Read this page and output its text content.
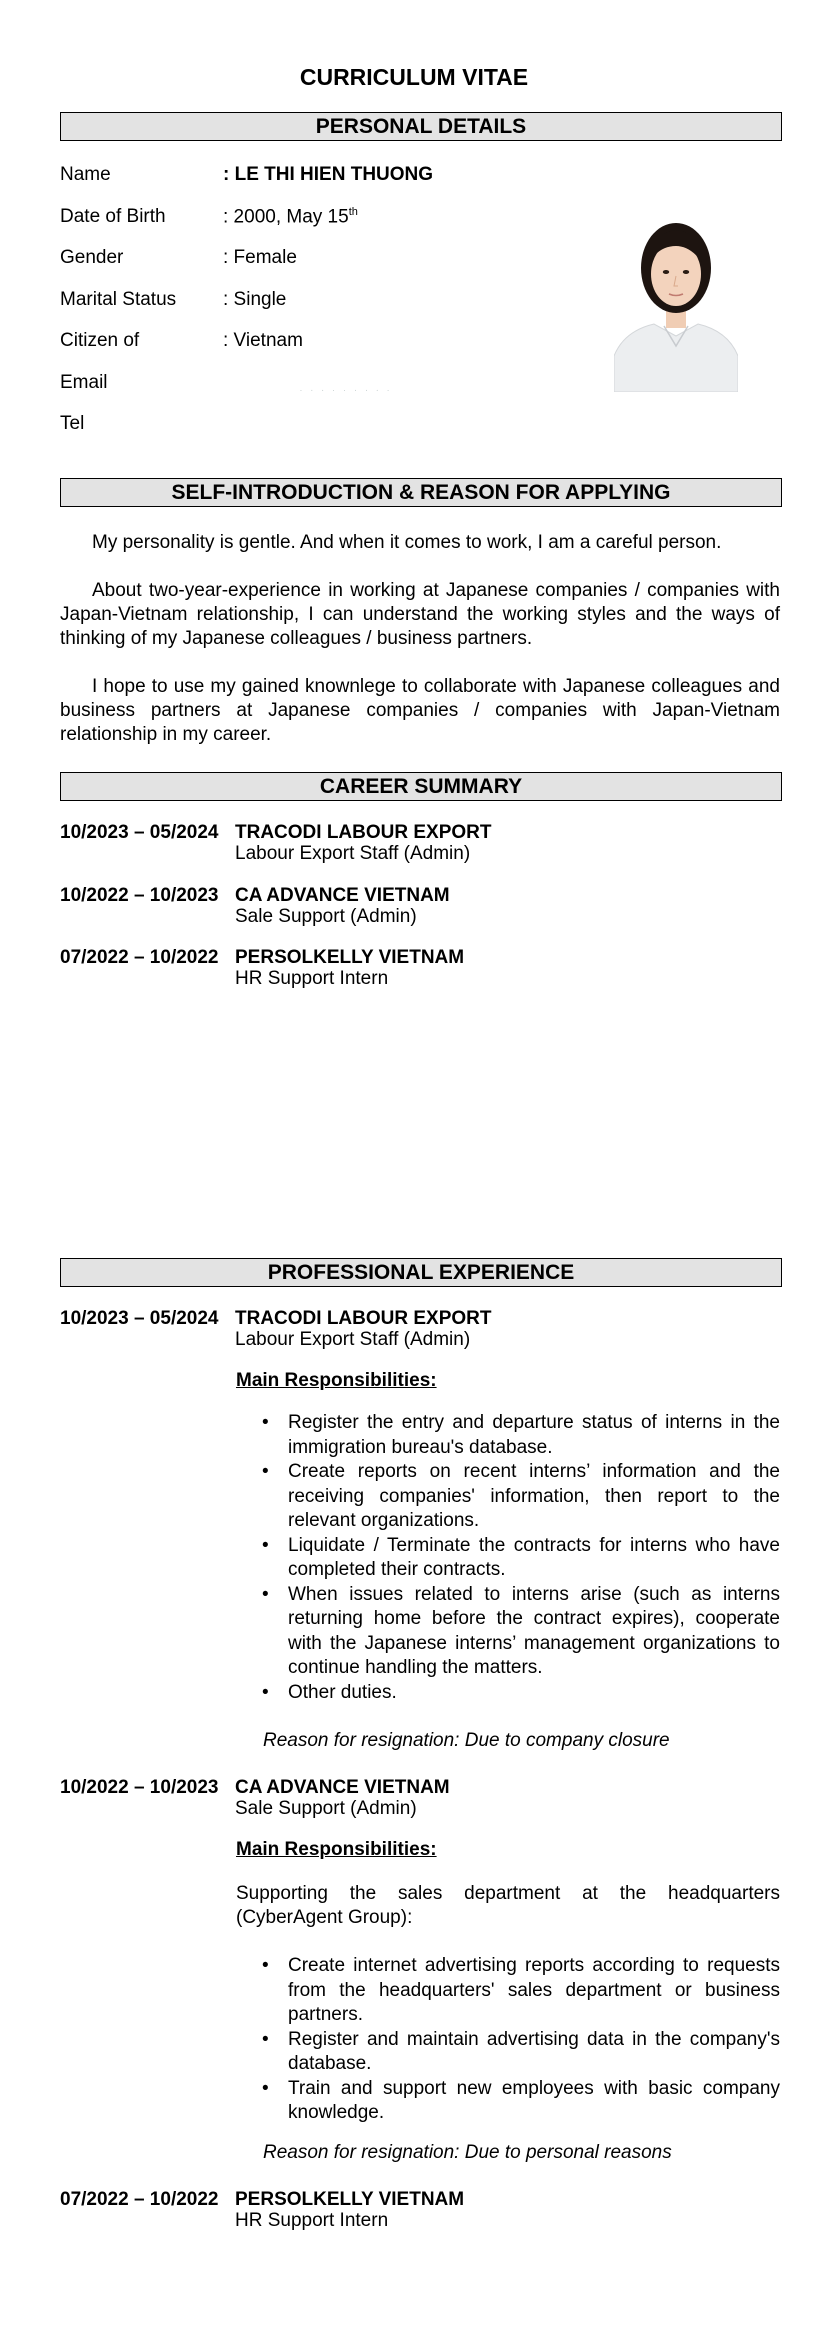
CURRICULUM VITAE
PERSONAL DETAILS
Name	: LE THI HIEN THUONG
Date of Birth	: 2000, May 15th
Gender	: Female
Marital Status : Single
Citizen of	: Vietnam
Email
˙ ˙ ˙ ˙ ˙ ˙ ˙ ˙ ˙
Tel
SELF-INTRODUCTION & REASON FOR APPLYING

My personality is gentle. And when it comes to work, I am a careful person.

About two-year-experience in working at Japanese companies / companies with Japan-Vietnam relationship, I can understand the working styles and the ways of thinking of my Japanese colleagues / business partners.

I hope to use my gained knownlege to collaborate with Japanese colleagues and business partners at Japanese companies / companies with Japan-Vietnam relationship in my career.

CAREER SUMMARY
10/2023 – 05/2024 TRACODI LABOUR EXPORT
Labour Export Staff (Admin)
10/2022 – 10/2023 CA ADVANCE VIETNAM
Sale Support (Admin)
07/2022 – 10/2022 PERSOLKELLY VIETNAM
HR Support Intern
PROFESSIONAL EXPERIENCE
10/2023 – 05/2024 TRACODI LABOUR EXPORT
Labour Export Staff (Admin)
Main Responsibilities:
• Register the entry and departure status of interns in the immigration bureau's database.
• Create reports on recent interns’ information and the receiving companies' information, then report to the relevant organizations.
• Liquidate / Terminate the contracts for interns who have completed their contracts.
• When issues related to interns arise (such as interns returning home before the contract expires), cooperate with the Japanese interns’ management organizations to continue handling the matters.
• Other duties.
Reason for resignation: Due to company closure
10/2022 – 10/2023 CA ADVANCE VIETNAM
Sale Support (Admin)
Main Responsibilities:

Supporting the sales department at the headquarters (CyberAgent Group):

• Create internet advertising reports according to requests from the headquarters' sales department or business partners.
• Register and maintain advertising data in the company's database.
• Train and support new employees with basic company knowledge.
Reason for resignation: Due to personal reasons
07/2022 – 10/2022 PERSOLKELLY VIETNAM
HR Support Intern
